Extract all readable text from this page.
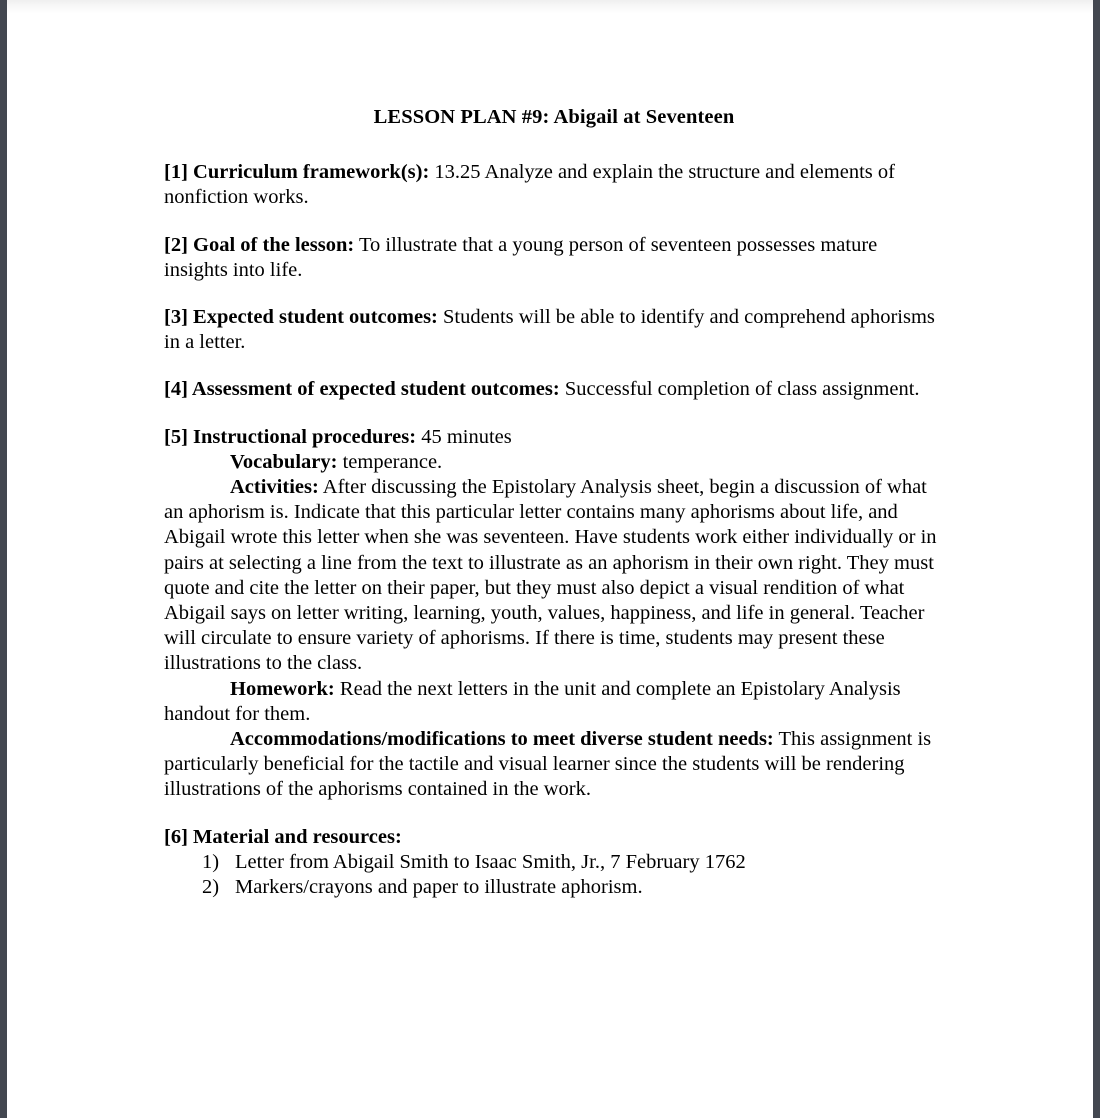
LESSON PLAN #9: Abigail at Seventeen

[1] Curriculum framework(s): 13.25 Analyze and explain the structure and elements of nonfiction works.

[2] Goal of the lesson: To illustrate that a young person of seventeen possesses mature insights into life.

[3] Expected student outcomes: Students will be able to identify and comprehend aphorisms in a letter.

[4] Assessment of expected student outcomes: Successful completion of class assignment.

[5] Instructional procedures: 45 minutes

Vocabulary: temperance.

Activities: After discussing the Epistolary Analysis sheet, begin a discussion of what an aphorism is. Indicate that this particular letter contains many aphorisms about life, and Abigail wrote this letter when she was seventeen. Have students work either individually or in pairs at selecting a line from the text to illustrate as an aphorism in their own right. They must quote and cite the letter on their paper, but they must also depict a visual rendition of what Abigail says on letter writing, learning, youth, values, happiness, and life in general. Teacher will circulate to ensure variety of aphorisms. If there is time, students may present these illustrations to the class.

Homework: Read the next letters in the unit and complete an Epistolary Analysis handout for them.

Accommodations/modifications to meet diverse student needs: This assignment is particularly beneficial for the tactile and visual learner since the students will be rendering illustrations of the aphorisms contained in the work.

[6] Material and resources:

1) Letter from Abigail Smith to Isaac Smith, Jr., 7 February 1762
2) Markers/crayons and paper to illustrate aphorism.
